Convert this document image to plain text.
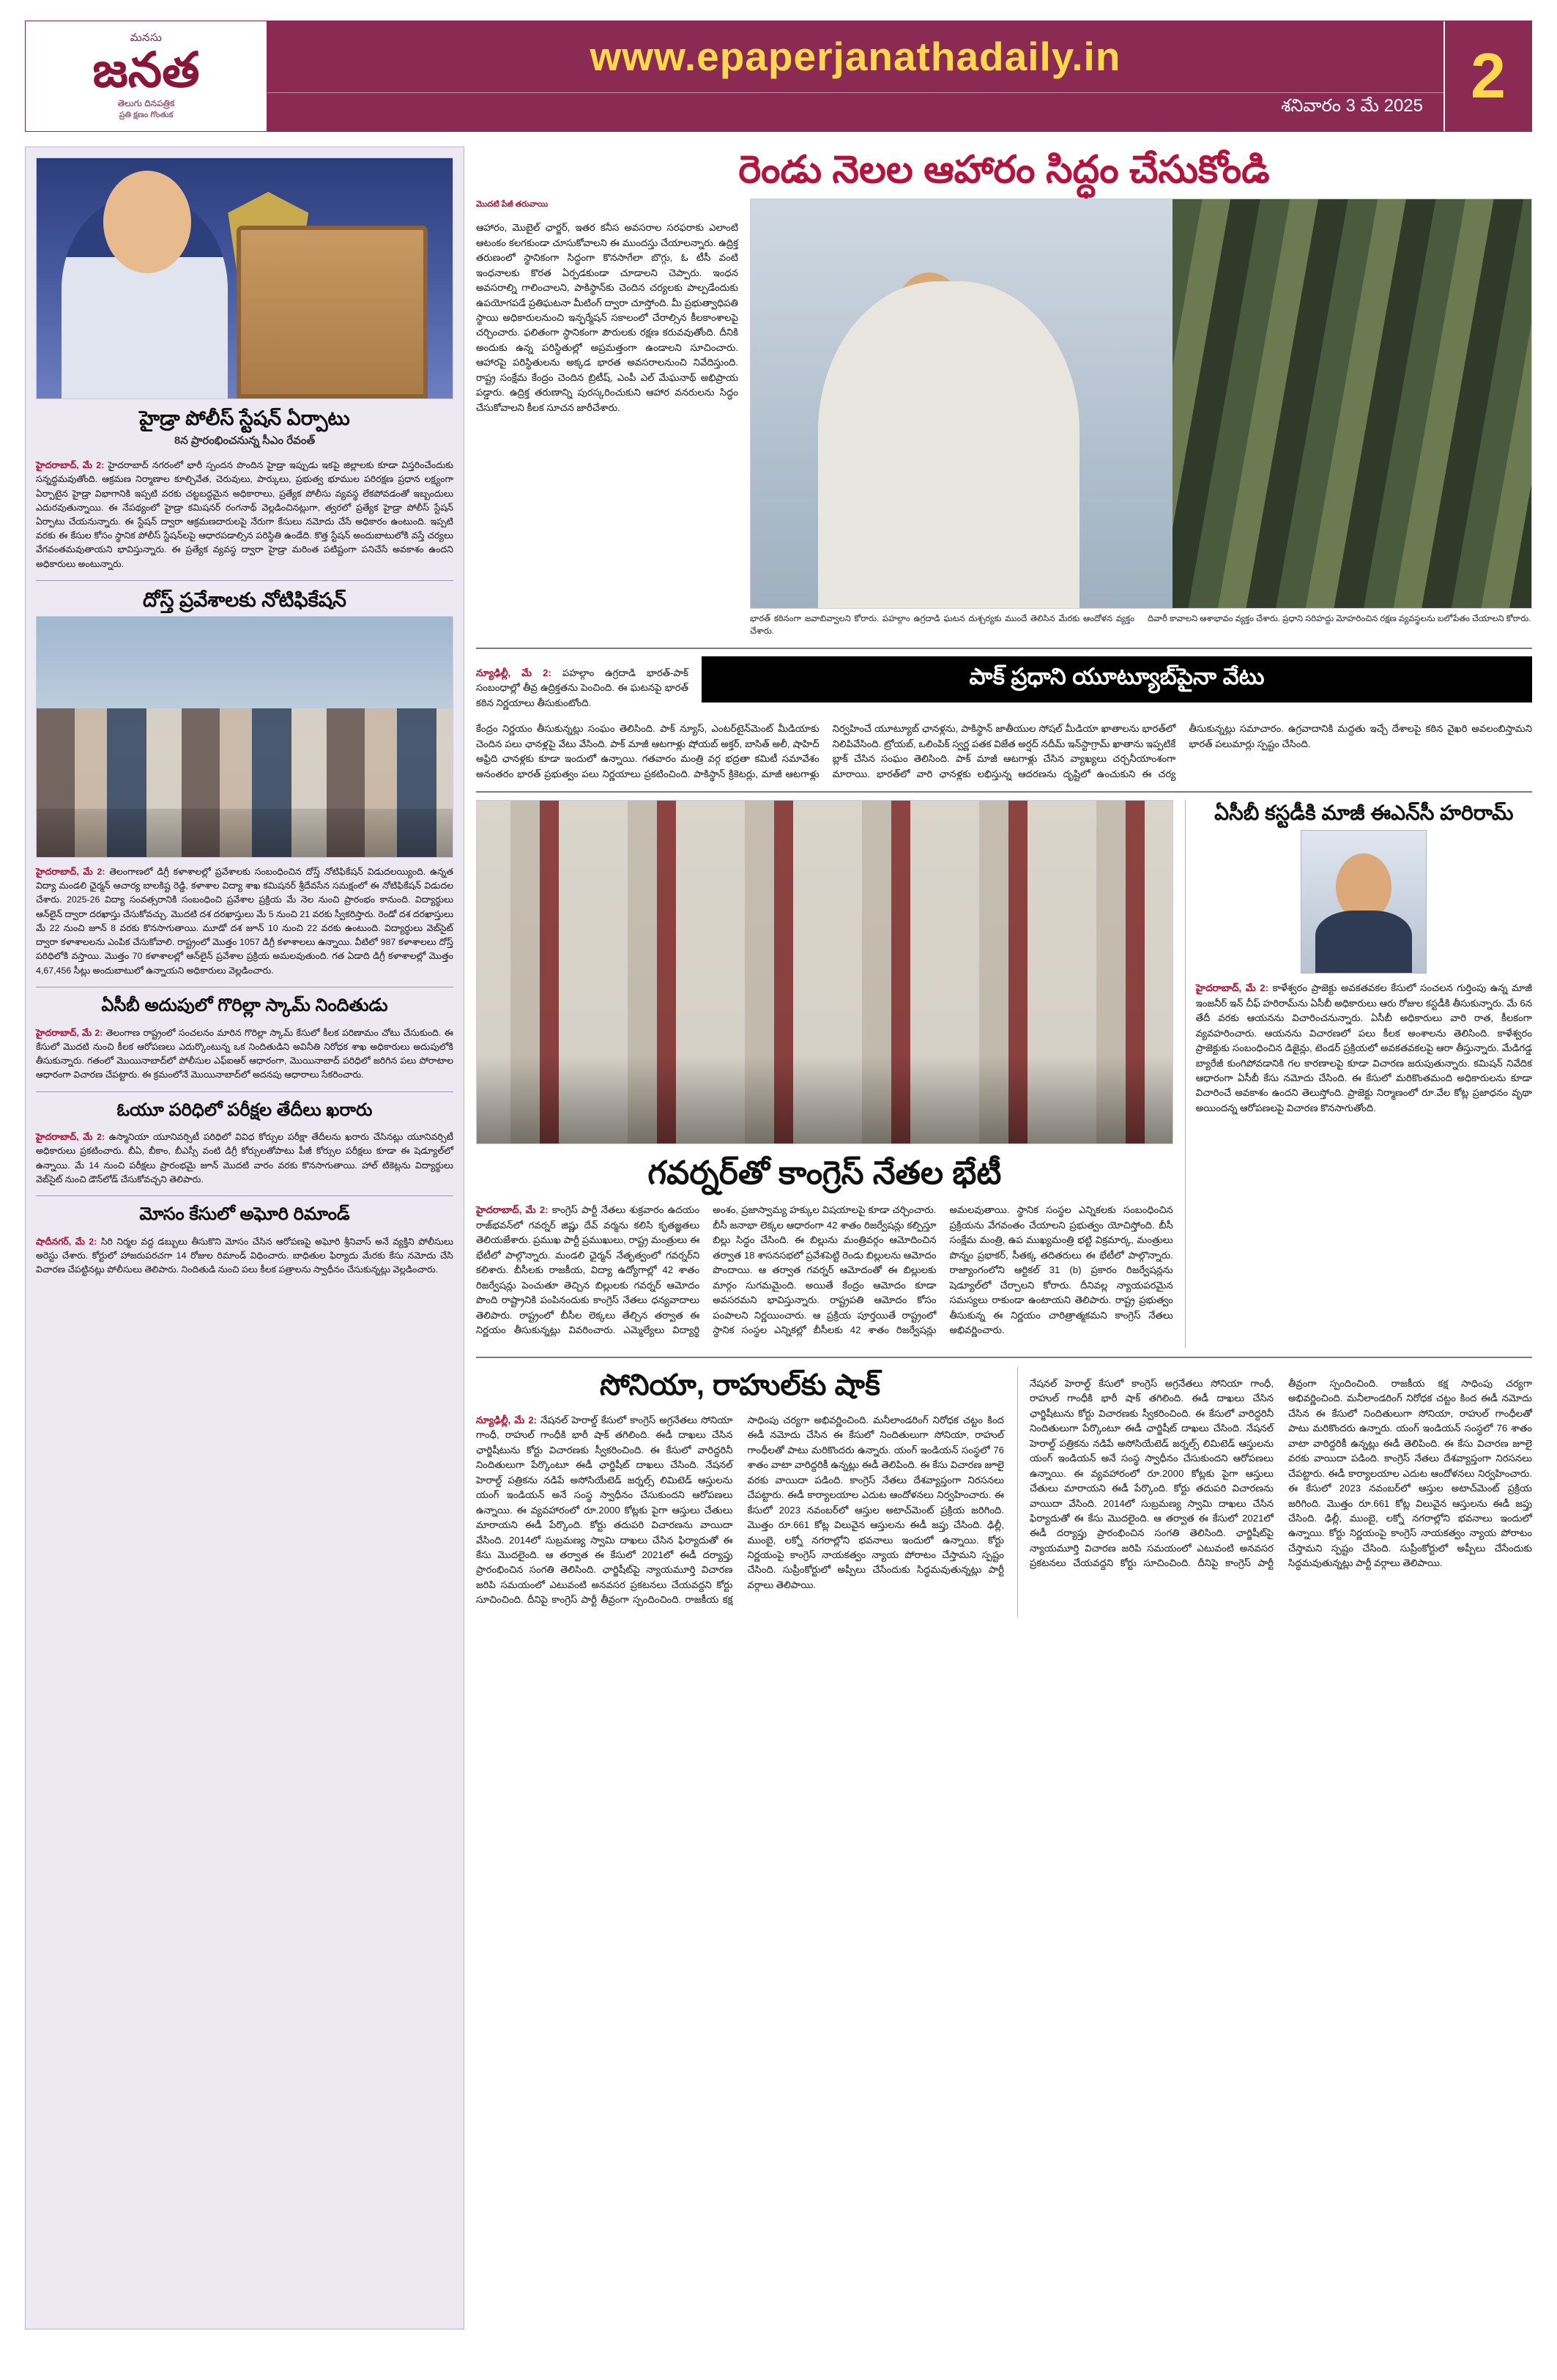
మనసు
జనత
తెలుగు దినపత్రిక
ప్రతి క్షణం గొంతుక
www.epaperjanathadaily.in
శనివారం 3 మే 2025 2
హైడ్రా పోలీస్ స్టేషన్ ఏర్పాటు
8న ప్రారంభించనున్న సీఎం రేవంత్

హైదరాబాద్, మే 2: హైదరాబాద్ నగరంలో భారీ స్పందన పొందిన హైడ్రా ఇప్పుడు ఇకపై జిల్లాలకు కూడా విస్తరించేందుకు సన్నద్ధమవుతోంది. ఆక్రమణ నిర్మాణాల కూల్చివేత, చెరువులు, పార్కులు, ప్రభుత్వ భూముల పరిరక్షణ ప్రధాన లక్ష్యంగా ఏర్పాటైన హైడ్రా విభాగానికి ఇప్పటి వరకు చట్టబద్ధమైన అధికారాలు, ప్రత్యేక పోలీసు వ్యవస్థ లేకపోవడంతో ఇబ్బందులు ఎదురవుతున్నాయి. ఈ నేపథ్యంలో హైడ్రా కమిషనర్ రంగనాథ్ వెల్లడించినట్లుగా, త్వరలో ప్రత్యేక హైడ్రా పోలీస్ స్టేషన్ ఏర్పాటు చేయనున్నారు. ఈ స్టేషన్ ద్వారా ఆక్రమణదారులపై నేరుగా కేసులు నమోదు చేసే అధికారం ఉంటుంది. ఇప్పటి వరకు ఈ కేసుల కోసం స్థానిక పోలీస్ స్టేషన్‌లపై ఆధారపడాల్సిన పరిస్థితి ఉండేది. కొత్త స్టేషన్ అందుబాటులోకి వస్తే చర్యలు వేగవంతమవుతాయని భావిస్తున్నారు. ఈ ప్రత్యేక వ్యవస్థ ద్వారా హైడ్రా మరింత పటిష్టంగా పనిచేసే అవకాశం ఉందని అధికారులు అంటున్నారు.

దోస్త్ ప్రవేశాలకు నోటిఫికేషన్

హైదరాబాద్, మే 2: తెలంగాణలో డిగ్రీ కళాశాలల్లో ప్రవేశాలకు సంబంధించిన దోస్త్ నోటిఫికేషన్ విడుదలయ్యింది. ఉన్నత విద్యా మండలి ఛైర్మన్ ఆచార్య బాలకిష్ట రెడ్డి, కళాశాల విద్యా శాఖ కమిషనర్ శ్రీదేవసేన సమక్షంలో ఈ నోటిఫికేషన్ విడుదల చేశారు. 2025-26 విద్యా సంవత్సరానికి సంబంధించి ప్రవేశాల ప్రక్రియ మే నెల నుంచి ప్రారంభం కానుంది. విద్యార్థులు ఆన్‌లైన్ ద్వారా దరఖాస్తు చేసుకోవచ్చు. మొదటి దశ దరఖాస్తులు మే 5 నుంచి 21 వరకు స్వీకరిస్తారు. రెండో దశ దరఖాస్తులు మే 22 నుంచి జూన్ 8 వరకు కొనసాగుతాయి. మూడో దశ జూన్ 10 నుంచి 22 వరకు ఉంటుంది. విద్యార్థులు వెబ్‌సైట్ ద్వారా కళాశాలలను ఎంపిక చేసుకోవాలి. రాష్ట్రంలో మొత్తం 1057 డిగ్రీ కళాశాలలు ఉన్నాయి. వీటిలో 987 కళాశాలలు దోస్త్ పరిధిలోకి వస్తాయి. మొత్తం 70 కళాశాలల్లో ఆన్‌లైన్ ప్రవేశాల ప్రక్రియ అమలవుతుంది. గత ఏడాది డిగ్రీ కళాశాలల్లో మొత్తం 4,67,456 సీట్లు అందుబాటులో ఉన్నాయని అధికారులు వెల్లడించారు.

ఏసీబీ అదుపులో గొరిల్లా స్కామ్ నిందితుడు

హైదరాబాద్, మే 2: తెలంగాణ రాష్ట్రంలో సంచలనం మారిన గొరిల్లా స్కామ్ కేసులో కీలక పరిణామం చోటు చేసుకుంది. ఈ కేసులో మొదటి నుంచి కీలక ఆరోపణలు ఎదుర్కొంటున్న ఒక నిందితుడిని అవినీతి నిరోధక శాఖ అధికారులు అదుపులోకి తీసుకున్నారు. గతంలో మొయినాబాద్‌లో పోలీసుల ఎఫ్ఐఆర్ ఆధారంగా, మొయినాబాద్ పరిధిలో జరిగిన పలు పోరాటాల ఆధారంగా విచారణ చేపట్టారు. ఈ క్రమంలోనే మొయినాబాద్‌లో అదనపు ఆధారాలు సేకరించారు.

ఓయూ పరిధిలో పరీక్షల తేదీలు ఖరారు

హైదరాబాద్, మే 2: ఉస్మానియా యూనివర్సిటీ పరిధిలో వివిధ కోర్సుల పరీక్షా తేదీలను ఖరారు చేసినట్లు యూనివర్సిటీ అధికారులు ప్రకటించారు. బీఏ, బీకాం, బీఎస్సీ వంటి డిగ్రీ కోర్సులతోపాటు పీజీ కోర్సుల పరీక్షలు కూడా ఈ షెడ్యూల్‌లో ఉన్నాయి. మే 14 నుంచి పరీక్షలు ప్రారంభమై జూన్ మొదటి వారం వరకు కొనసాగుతాయి. హాల్ టికెట్లను విద్యార్థులు వెబ్‌సైట్ నుంచి డౌన్‌లోడ్ చేసుకోవచ్చని తెలిపారు.

మోసం కేసులో అఘోరి రిమాండ్

షాదీనగర్, మే 2: సిరి నిర్మల వద్ద డబ్బులు తీసుకొని మోసం చేసిన ఆరోపణపై అఘోరి శ్రీనివాస్ అనే వ్యక్తిని పోలీసులు అరెస్టు చేశారు. కోర్టులో హాజరుపరచగా 14 రోజుల రిమాండ్ విధించారు. బాధితుల ఫిర్యాదు మేరకు కేసు నమోదు చేసి విచారణ చేపట్టినట్లు పోలీసులు తెలిపారు. నిందితుడి నుంచి పలు కీలక పత్రాలను స్వాధీనం చేసుకున్నట్లు వెల్లడించారు.

రెండు నెలల ఆహారం సిద్ధం చేసుకోండి
మొదటి పేజీ తరువాయి

ఆహారం, మొబైల్ ఛార్జర్, ఇతర కనీస అవసరాల సరఫరాకు ఎలాంటి ఆటంకం కలగకుండా చూసుకోవాలని ఈ ముందస్తు చేయాలన్నారు. ఉద్రిక్త తరుణంలో స్థానికంగా సిద్ధంగా కొనసాగేలా బొగ్గు, ఓ టీసీ వంటి ఇంధనాలకు కొరత ఏర్పడకుండా చూడాలని చెప్పారు. ఇంధన అవసరాల్ని గాలించాలని, పాకిస్థాన్‌కు చెందిన చర్యలకు పాల్పడేందుకు ఉపయోగపడే ప్రతిఘటనా మీటింగ్ ద్వారా చూస్తోంది. మీ ప్రభుత్వాధిపతి స్థాయి అధికారులనుంచి ఇన్ఫర్మేషన్ సకాలంలో చేరాల్సిన కీలకాంశాలపై చర్చించారు. ఫలితంగా స్థానికంగా పౌరులకు రక్షణ కరువవుతోంది. దీనికి అందుకు ఉన్న పరిస్థితుల్లో అప్రమత్తంగా ఉండాలని సూచించారు. ఆహారపై పరిస్థితులను అక్కడ భారత అవసరాలనుంచి నివేదిస్తుంది. రాష్ట్ర సంక్షేమ కేంద్రం చెందిన బ్రిటీష్, ఎంపీ ఎల్ మేఘనాథ్ అభిప్రాయ పడ్డారు. ఉద్రిక్త తరుణాన్ని పురస్కరించుకుని ఆహార వనరులను సిద్ధం చేసుకోవాలని కీలక సూచన జారీచేశారు.

భారత్ కఠినంగా జవాబివ్వాలని కోరారు. పహల్గాం ఉగ్రదాడి ఘటన దుశ్చర్యకు ముందే తెలిసిన మేరకు ఆందోళన వ్యక్తం చేశారు.
దివారీ కావాలని ఆశాభావం వ్యక్తం చేశారు. ప్రధాని సరిహద్దు మోహరించిన రక్షణ వ్యవస్థలను బలోపేతం చేయాలని కోరారు.

న్యూఢిల్లీ, మే 2: పహల్గాం ఉగ్రదాడి భారత్-పాక్ సంబంధాల్లో తీవ్ర ఉద్రిక్తతను పెంచింది. ఈ ఘటనపై భారత్ కఠిన నిర్ణయాలు తీసుకుంటోంది.

పాక్ ప్రధాని యూట్యూబ్‌పైనా వేటు

కేంద్రం నిర్ణయం తీసుకున్నట్లు సంఘం తెలిసింది. పాక్ న్యూస్, ఎంటర్‌టైన్‌మెంట్ మీడియాకు చెందిన పలు ఛానళ్లపై వేటు వేసింది. పాక్ మాజీ ఆటగాళ్లు షోయబ్ అక్తర్, బాసిత్ అలీ, షాహిద్ అఫ్రిది ఛానళ్లకు కూడా ఇందులో ఉన్నాయి. గతవారం మంత్రి వర్గ భద్రతా కమిటీ సమావేశం అనంతరం భారత్ ప్రభుత్వం పలు నిర్ణయాలు ప్రకటించింది. పాకిస్థాన్ క్రికెటర్లు, మాజీ ఆటగాళ్లు నిర్వహించే యూట్యూబ్ ఛానళ్లను, పాకిస్థాన్ జాతీయుల సోషల్ మీడియా ఖాతాలను భారత్‌లో నిలిపివేసింది. ట్రోయబ్, ఒలింపిక్ స్వర్ణ పతక విజేత అర్షద్ నదీమ్ ఇన్‌స్టాగ్రామ్ ఖాతాను ఇప్పటికే బ్లాక్ చేసిన సంఘం తెలిసింది. పాక్ మాజీ ఆటగాళ్లు చేసిన వ్యాఖ్యలు చర్చనీయాంశంగా మారాయి. భారత్‌లో వారి ఛానళ్లకు లభిస్తున్న ఆదరణను దృష్టిలో ఉంచుకుని ఈ చర్య తీసుకున్నట్లు సమాచారం. ఉగ్రవాదానికి మద్దతు ఇచ్చే దేశాలపై కఠిన వైఖరి అవలంబిస్తామని భారత్ పలుమార్లు స్పష్టం చేసింది.

గవర్నర్‌తో కాంగ్రెస్ నేతల భేటీ

హైదరాబాద్, మే 2: కాంగ్రెస్ పార్టీ నేతలు శుక్రవారం ఉదయం రాజ్‌భవన్‌లో గవర్నర్ జిష్ణు దేవ్ వర్మను కలిసి కృతజ్ఞతలు తెలియజేశారు. ప్రముఖ పార్టీ ప్రముఖులు, రాష్ట్ర మంత్రులు ఈ భేటీలో పాల్గొన్నారు. మండలి ఛైర్మన్ నేతృత్వంలో గవర్నర్‌ని కలిశారు. బీసీలకు రాజకీయ, విద్యా ఉద్యోగాల్లో 42 శాతం రిజర్వేషన్లు పెంచుతూ తెచ్చిన బిల్లులకు గవర్నర్ ఆమోదం పొంది రాష్ట్రానికి పంపినందుకు కాంగ్రెస్ నేతలు ధన్యవాదాలు తెలిపారు. రాష్ట్రంలో బీసీల లెక్కలు తేల్చిన తర్వాత ఈ నిర్ణయం తీసుకున్నట్లు వివరించారు. ఎమ్మెల్యేలు విద్యార్థి అంశం, ప్రజాస్వామ్య హక్కుల విషయాలపై కూడా చర్చించారు. బీసీ జనాభా లెక్కల ఆధారంగా 42 శాతం రిజర్వేషన్లు కల్పిస్తూ బిల్లు సిద్ధం చేసింది. ఈ బిల్లును మంత్రివర్గం ఆమోదించిన తర్వాత 18 శాసనసభలో ప్రవేశపెట్టి రెండు బిల్లులను ఆమోదం పొందాయి. ఆ తర్వాత గవర్నర్ ఆమోదంతో ఈ బిల్లులకు మార్గం సుగమమైంది. అయితే కేంద్రం ఆమోదం కూడా అవసరమని భావిస్తున్నారు. రాష్ట్రపతి ఆమోదం కోసం పంపాలని నిర్ణయించారు. ఆ ప్రక్రియ పూర్తయితే రాష్ట్రంలో స్థానిక సంస్థల ఎన్నికల్లో బీసీలకు 42 శాతం రిజర్వేషన్లు అమలవుతాయి. స్థానిక సంస్థల ఎన్నికలకు సంబంధించిన ప్రక్రియను వేగవంతం చేయాలని ప్రభుత్వం యోచిస్తోంది. బీసీ సంక్షేమ మంత్రి, ఉప ముఖ్యమంత్రి భట్టి విక్రమార్క, మంత్రులు పొన్నం ప్రభాకర్, సీతక్క తదితరులు ఈ భేటీలో పాల్గొన్నారు. రాజ్యాంగంలోని ఆర్టికల్ 31 (b) ప్రకారం రిజర్వేషన్లను షెడ్యూల్‌లో చేర్చాలని కోరారు. దీనివల్ల న్యాయపరమైన సమస్యలు రాకుండా ఉంటాయని తెలిపారు. రాష్ట్ర ప్రభుత్వం తీసుకున్న ఈ నిర్ణయం చారిత్రాత్మకమని కాంగ్రెస్ నేతలు అభివర్ణించారు.

ఏసీబీ కస్టడీకి మాజీ ఈఎన్‌సీ హరిరామ్

హైదరాబాద్, మే 2: కాళేశ్వరం ప్రాజెక్టు అవకతవకల కేసులో సంచలన గుర్తింపు ఉన్న మాజీ ఇంజనీర్ ఇన్ చీఫ్ హరిరామ్‌ను ఏసీబీ అధికారులు ఆరు రోజుల కస్టడీకి తీసుకున్నారు. మే 6న తేదీ వరకు ఆయనను విచారించనున్నారు. ఏసీబీ అధికారులు వారి రాత, కీలకంగా వ్యవహరించారు. ఆయనను విచారణలో పలు కీలక అంశాలను తెలిసింది. కాళేశ్వరం ప్రాజెక్టుకు సంబంధించిన డిజైన్లు, టెండర్ ప్రక్రియలో అవకతవకలపై ఆరా తీస్తున్నారు. మేడిగడ్డ బ్యారేజీ కుంగిపోవడానికి గల కారణాలపై కూడా విచారణ జరుపుతున్నారు. కమిషన్ నివేదిక ఆధారంగా ఏసీబీ కేసు నమోదు చేసింది. ఈ కేసులో మరికొంతమంది అధికారులను కూడా విచారించే అవకాశం ఉందని తెలుస్తోంది. ప్రాజెక్టు నిర్మాణంలో రూ.వేల కోట్ల ప్రజాధనం వృథా అయిందన్న ఆరోపణలపై విచారణ కొనసాగుతోంది.

సోనియా, రాహుల్‌కు షాక్

న్యూఢిల్లీ, మే 2: నేషనల్ హెరాల్డ్ కేసులో కాంగ్రెస్ అగ్రనేతలు సోనియా గాంధీ, రాహుల్ గాంధీకి భారీ షాక్ తగిలింది. ఈడీ దాఖలు చేసిన ఛార్జిషీటును కోర్టు విచారణకు స్వీకరించింది. ఈ కేసులో వారిద్దరినీ నిందితులుగా పేర్కొంటూ ఈడీ ఛార్జిషీట్ దాఖలు చేసింది. నేషనల్ హెరాల్డ్ పత్రికను నడిపే అసోసియేటెడ్ జర్నల్స్ లిమిటెడ్ ఆస్తులను యంగ్ ఇండియన్ అనే సంస్థ స్వాధీనం చేసుకుందని ఆరోపణలు ఉన్నాయి. ఈ వ్యవహారంలో రూ.2000 కోట్లకు పైగా ఆస్తులు చేతులు మారాయని ఈడీ పేర్కొంది. కోర్టు తదుపరి విచారణను వాయిదా వేసింది. 2014లో సుబ్రమణ్య స్వామి దాఖలు చేసిన ఫిర్యాదుతో ఈ కేసు మొదలైంది. ఆ తర్వాత ఈ కేసులో 2021లో ఈడీ దర్యాప్తు ప్రారంభించిన సంగతి తెలిసింది. ఛార్జిషీట్‌పై న్యాయమూర్తి విచారణ జరిపి సమయంలో ఎటువంటి అనవసర ప్రకటనలు చేయవద్దని కోర్టు సూచించింది. దీనిపై కాంగ్రెస్ పార్టీ తీవ్రంగా స్పందించింది. రాజకీయ కక్ష సాధింపు చర్యగా అభివర్ణించింది. మనీలాండరింగ్ నిరోధక చట్టం కింద ఈడీ నమోదు చేసిన ఈ కేసులో నిందితులుగా సోనియా, రాహుల్ గాంధీలతో పాటు మరికొందరు ఉన్నారు. యంగ్ ఇండియన్ సంస్థలో 76 శాతం వాటా వారిద్దరికీ ఉన్నట్లు ఈడీ తెలిపింది. ఈ కేసు విచారణ జూలై వరకు వాయిదా పడింది. కాంగ్రెస్ నేతలు దేశవ్యాప్తంగా నిరసనలు చేపట్టారు. ఈడీ కార్యాలయాల ఎదుట ఆందోళనలు నిర్వహించారు. ఈ కేసులో 2023 నవంబర్‌లో ఆస్తుల అటాచ్‌మెంట్ ప్రక్రియ జరిగింది. మొత్తం రూ.661 కోట్ల విలువైన ఆస్తులను ఈడీ జప్తు చేసింది. ఢిల్లీ, ముంబై, లక్నో నగరాల్లోని భవనాలు ఇందులో ఉన్నాయి. కోర్టు నిర్ణయంపై కాంగ్రెస్ నాయకత్వం న్యాయ పోరాటం చేస్తామని స్పష్టం చేసింది. సుప్రీంకోర్టులో అప్పీలు చేసేందుకు సిద్ధమవుతున్నట్లు పార్టీ వర్గాలు తెలిపాయి.

నేషనల్ హెరాల్డ్ కేసులో కాంగ్రెస్ అగ్రనేతలు సోనియా గాంధీ, రాహుల్ గాంధీకి భారీ షాక్ తగిలింది. ఈడీ దాఖలు చేసిన ఛార్జిషీటును కోర్టు విచారణకు స్వీకరించింది. ఈ కేసులో వారిద్దరినీ నిందితులుగా పేర్కొంటూ ఈడీ ఛార్జిషీట్ దాఖలు చేసింది. నేషనల్ హెరాల్డ్ పత్రికను నడిపే అసోసియేటెడ్ జర్నల్స్ లిమిటెడ్ ఆస్తులను యంగ్ ఇండియన్ అనే సంస్థ స్వాధీనం చేసుకుందని ఆరోపణలు ఉన్నాయి. ఈ వ్యవహారంలో రూ.2000 కోట్లకు పైగా ఆస్తులు చేతులు మారాయని ఈడీ పేర్కొంది. కోర్టు తదుపరి విచారణను వాయిదా వేసింది. 2014లో సుబ్రమణ్య స్వామి దాఖలు చేసిన ఫిర్యాదుతో ఈ కేసు మొదలైంది. ఆ తర్వాత ఈ కేసులో 2021లో ఈడీ దర్యాప్తు ప్రారంభించిన సంగతి తెలిసింది. ఛార్జిషీట్‌పై న్యాయమూర్తి విచారణ జరిపి సమయంలో ఎటువంటి అనవసర ప్రకటనలు చేయవద్దని కోర్టు సూచించింది. దీనిపై కాంగ్రెస్ పార్టీ తీవ్రంగా స్పందించింది. రాజకీయ కక్ష సాధింపు చర్యగా అభివర్ణించింది. మనీలాండరింగ్ నిరోధక చట్టం కింద ఈడీ నమోదు చేసిన ఈ కేసులో నిందితులుగా సోనియా, రాహుల్ గాంధీలతో పాటు మరికొందరు ఉన్నారు. యంగ్ ఇండియన్ సంస్థలో 76 శాతం వాటా వారిద్దరికీ ఉన్నట్లు ఈడీ తెలిపింది. ఈ కేసు విచారణ జూలై వరకు వాయిదా పడింది. కాంగ్రెస్ నేతలు దేశవ్యాప్తంగా నిరసనలు చేపట్టారు. ఈడీ కార్యాలయాల ఎదుట ఆందోళనలు నిర్వహించారు. ఈ కేసులో 2023 నవంబర్‌లో ఆస్తుల అటాచ్‌మెంట్ ప్రక్రియ జరిగింది. మొత్తం రూ.661 కోట్ల విలువైన ఆస్తులను ఈడీ జప్తు చేసింది. ఢిల్లీ, ముంబై, లక్నో నగరాల్లోని భవనాలు ఇందులో ఉన్నాయి. కోర్టు నిర్ణయంపై కాంగ్రెస్ నాయకత్వం న్యాయ పోరాటం చేస్తామని స్పష్టం చేసింది. సుప్రీంకోర్టులో అప్పీలు చేసేందుకు సిద్ధమవుతున్నట్లు పార్టీ వర్గాలు తెలిపాయి.
